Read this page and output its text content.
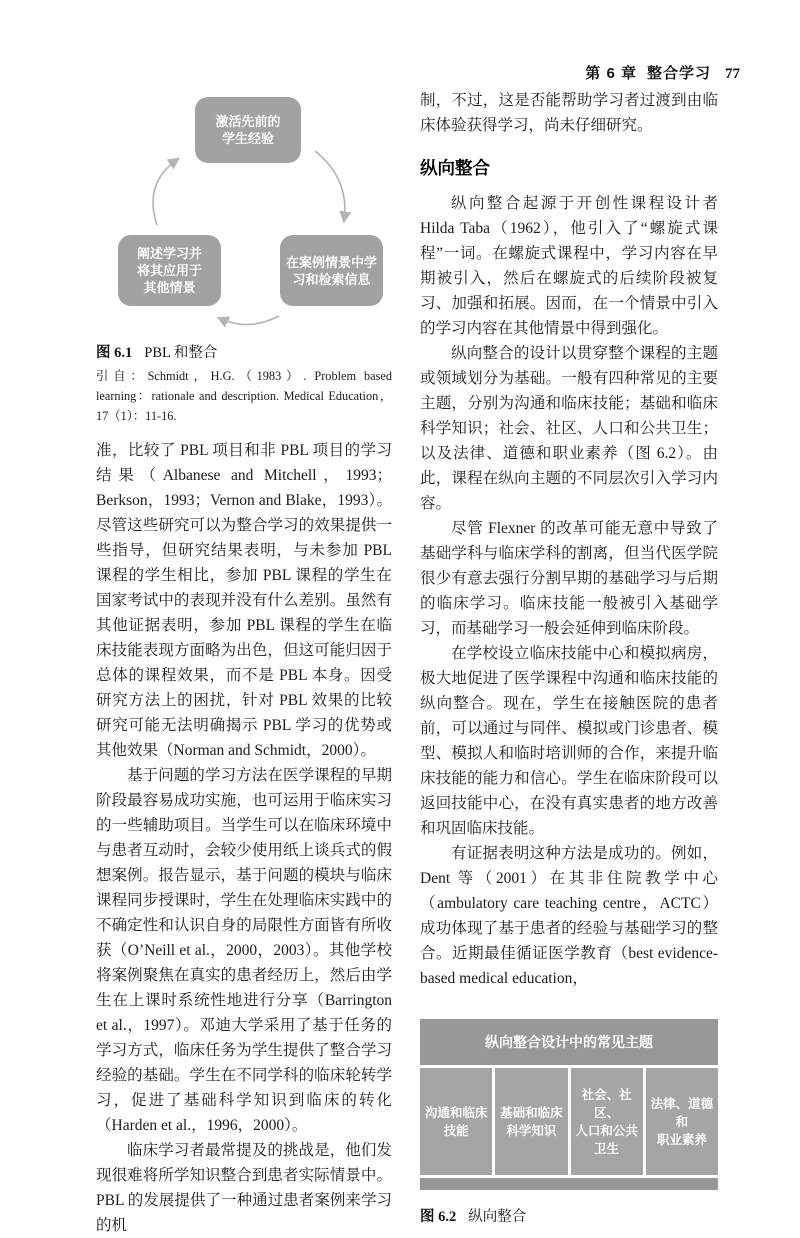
第 6 章 整合学习 77
激活先前的
学生经验
阐述学习并
将其应用于
其他情景
在案例情景中学
习和检索信息
图 6.1 PBL 和整合
引自：Schmidt，H.G.（1983）. Problem based learning：rationale and description. Medical Education，17（1）：11-16.

准，比较了 PBL 项目和非 PBL 项目的学习结果（Albanese and Mitchell，1993；Berkson，1993；Vernon and Blake，1993）。尽管这些研究可以为整合学习的效果提供一些指导，但研究结果表明，与未参加 PBL 课程的学生相比，参加 PBL 课程的学生在国家考试中的表现并没有什么差别。虽然有其他证据表明，参加 PBL 课程的学生在临床技能表现方面略为出色，但这可能归因于总体的课程效果，而不是 PBL 本身。因受研究方法上的困扰，针对 PBL 效果的比较研究可能无法明确揭示 PBL 学习的优势或其他效果（Norman and Schmidt，2000）。

基于问题的学习方法在医学课程的早期阶段最容易成功实施，也可运用于临床实习的一些辅助项目。当学生可以在临床环境中与患者互动时，会较少使用纸上谈兵式的假想案例。报告显示，基于问题的模块与临床课程同步授课时，学生在处理临床实践中的不确定性和认识自身的局限性方面皆有所收获（O’Neill et al.，2000，2003）。其他学校将案例聚焦在真实的患者经历上，然后由学生在上课时系统性地进行分享（Barrington et al.，1997）。邓迪大学采用了基于任务的学习方式，临床任务为学生提供了整合学习经验的基础。学生在不同学科的临床轮转学习，促进了基础科学知识到临床的转化（Harden et al.，1996，2000）。

临床学习者最常提及的挑战是，他们发现很难将所学知识整合到患者实际情景中。PBL 的发展提供了一种通过患者案例来学习的机

制，不过，这是否能帮助学习者过渡到由临床体验获得学习，尚未仔细研究。

纵向整合

纵向整合起源于开创性课程设计者 Hilda Taba（1962），他引入了“螺旋式课程”一词。在螺旋式课程中，学习内容在早期被引入，然后在螺旋式的后续阶段被复习、加强和拓展。因而，在一个情景中引入的学习内容在其他情景中得到强化。

纵向整合的设计以贯穿整个课程的主题或领域划分为基础。一般有四种常见的主要主题，分别为沟通和临床技能；基础和临床科学知识；社会、社区、人口和公共卫生；以及法律、道德和职业素养（图 6.2）。由此，课程在纵向主题的不同层次引入学习内容。

尽管 Flexner 的改革可能无意中导致了基础学科与临床学科的割离，但当代医学院很少有意去强行分割早期的基础学习与后期的临床学习。临床技能一般被引入基础学习，而基础学习一般会延伸到临床阶段。

在学校设立临床技能中心和模拟病房，极大地促进了医学课程中沟通和临床技能的纵向整合。现在，学生在接触医院的患者前，可以通过与同伴、模拟或门诊患者、模型、模拟人和临时培训师的合作，来提升临床技能的能力和信心。学生在临床阶段可以返回技能中心，在没有真实患者的地方改善和巩固临床技能。

有证据表明这种方法是成功的。例如，Dent 等（2001）在其非住院教学中心（ambulatory care teaching centre，ACTC）成功体现了基于患者的经验与基础学习的整合。近期最佳循证医学教育（best evidence-based medical education，

纵向整合设计中的常见主题
沟通和临床
技能
基础和临床
科学知识
社会、社区、
人口和公共
卫生
法律、道德和
职业素养
图 6.2 纵向整合
